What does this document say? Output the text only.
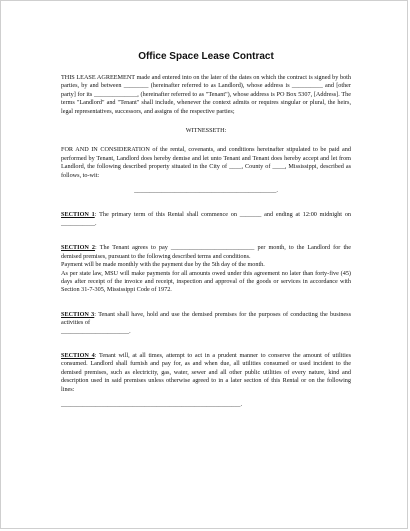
Office Space Lease Contract

THIS LEASE AGREEMENT made and entered into on the later of the dates on which the contract is signed by both parties, by and between ________ (hereinafter referred to as Landlord), whose address is __________ and [other party] for its ______________, (hereinafter referred to as "Tenant"), whose address is PO Box 5307, [Address]. The terms "Landlord" and "Tenant" shall include, whenever the context admits or requires singular or plural, the heirs, legal representatives, successors, and assigns of the respective parties;

WITNESSETH:

FOR AND IN CONSIDERATION of the rental, covenants, and conditions hereinafter stipulated to be paid and performed by Tenant, Landlord does hereby demise and let unto Tenant and Tenant does hereby accept and let from Landlord, the following described property situated in the City of ____, County of ____, Mississippi, described as follows, to-wit:

______________________________________________.

SECTION 1: The primary term of this Rental shall commence on _______ and ending at 12:00 midnight on ___________.

SECTION 2: The Tenant agrees to pay ___________________________ per month, to the Landlord for the demised premises, pursuant to the following described terms and conditions.

Payment will be made monthly with the payment due by the 5th day of the month.

As per state law, MSU will make payments for all amounts owed under this agreement no later than forty-five (45) days after receipt of the invoice and receipt, inspection and approval of the goods or services in accordance with Section 31-7-305, Mississippi Code of 1972.

SECTION 3: Tenant shall have, hold and use the demised premises for the purposes of conducting the business activities of

______________________.

SECTION 4: Tenant will, at all times, attempt to act in a prudent manner to conserve the amount of utilities consumed. Landlord shall furnish and pay for, as and when due, all utilities consumed or used incident to the demised premises, such as electricity, gas, water, sewer and all other public utilities of every nature, kind and description used in said premises unless otherwise agreed to in a later section of this Rental or on the following lines:

__________________________________________________________.
